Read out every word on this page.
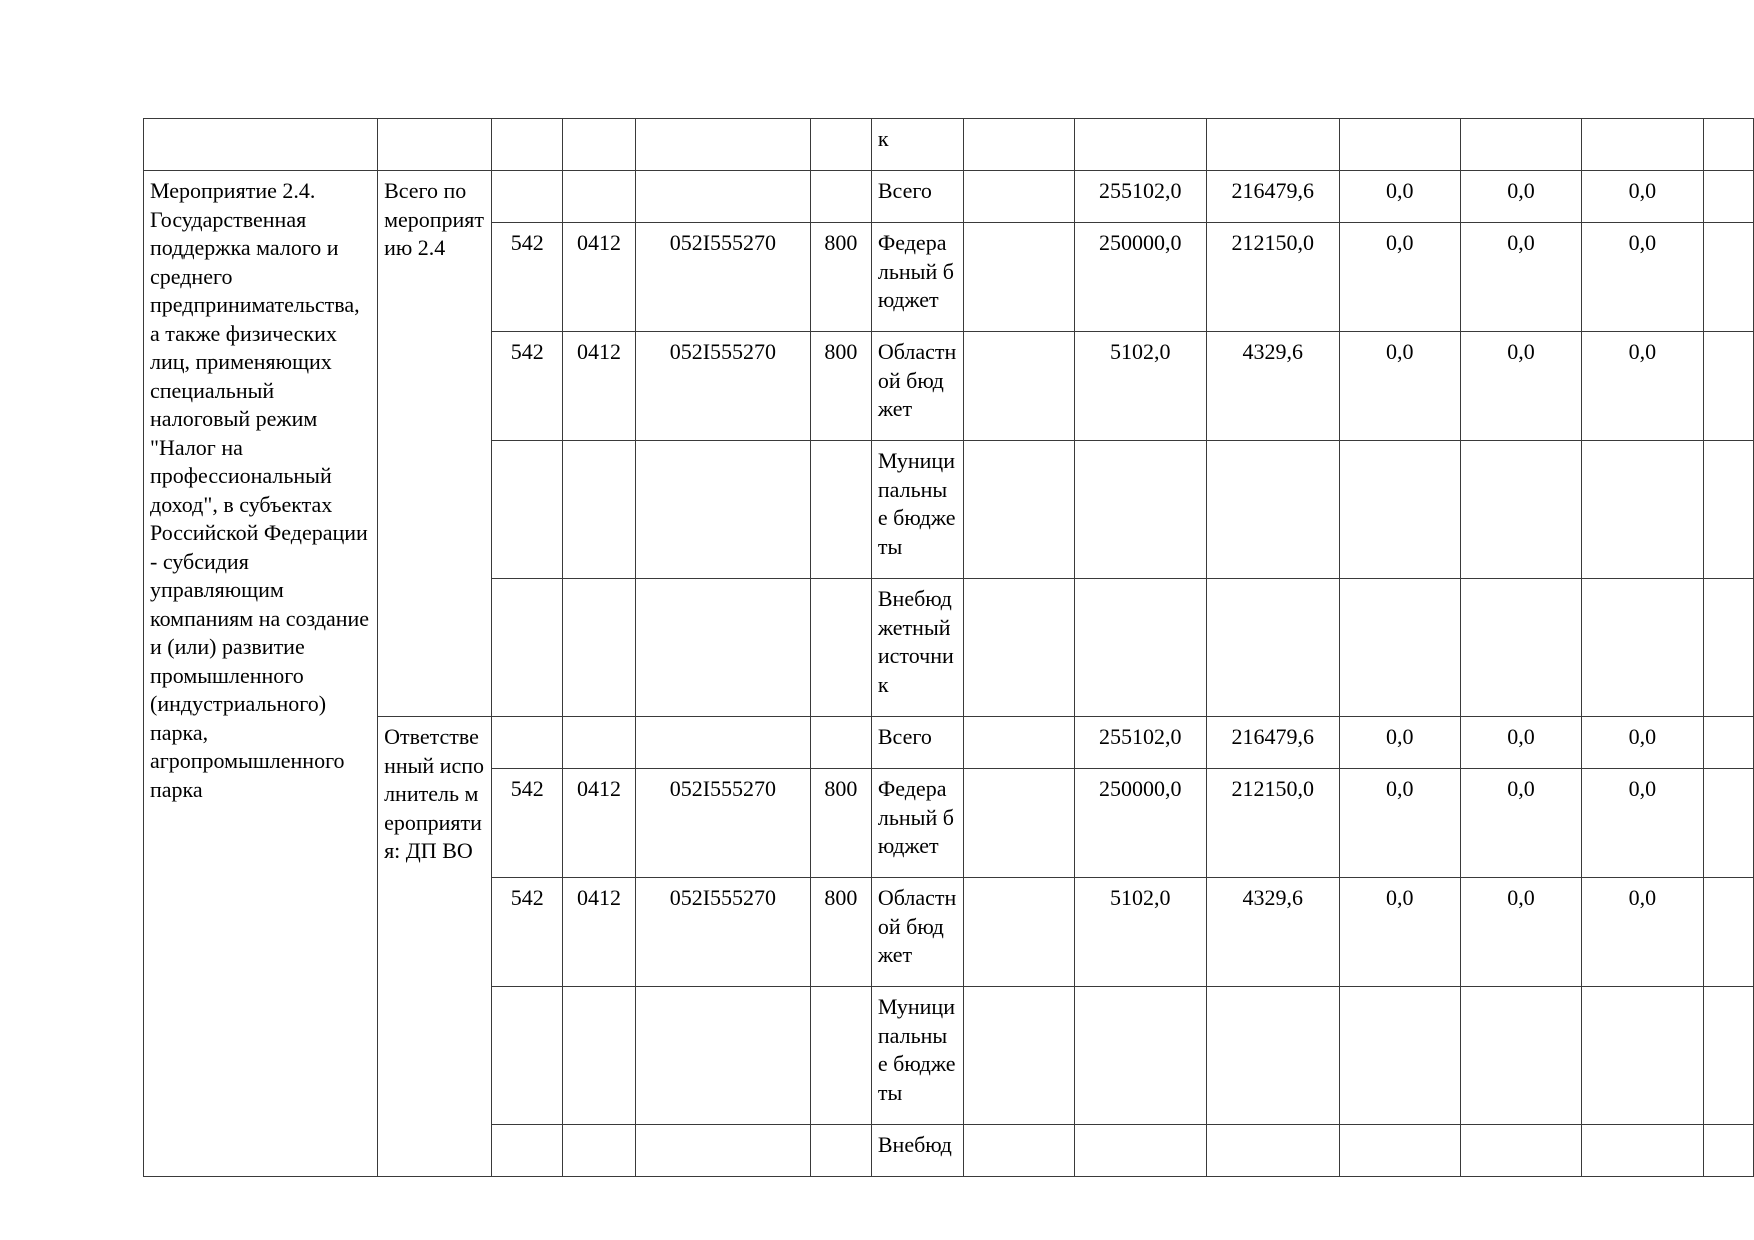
						к							
Мероприятие 2.4. Государственная поддержка малого и среднего предпринимательства, а также физических лиц, применяющих специальный налоговый режим "Налог на профессиональный доход", в субъектах Российской Федерации - субсидия управляющим компаниям на создание и (или) развитие промышленного (индустриального) парка, агропромышленного парка	Всего по мероприятию 2.4					Всего		255102,0	216479,6	0,0	0,0	0,0	
		542	0412	052I555270	800	Федеральный бюджет		250000,0	212150,0	0,0	0,0	0,0	
		542	0412	052I555270	800	Областной бюджет		5102,0	4329,6	0,0	0,0	0,0	
						Муниципальные бюджеты							
						Внебюджетный источник							
	Ответственный исполнитель мероприятия: ДП ВО					Всего		255102,0	216479,6	0,0	0,0	0,0	
		542	0412	052I555270	800	Федеральный бюджет		250000,0	212150,0	0,0	0,0	0,0	
		542	0412	052I555270	800	Областной бюджет		5102,0	4329,6	0,0	0,0	0,0	
						Муниципальные бюджеты							
						Внебюд							
